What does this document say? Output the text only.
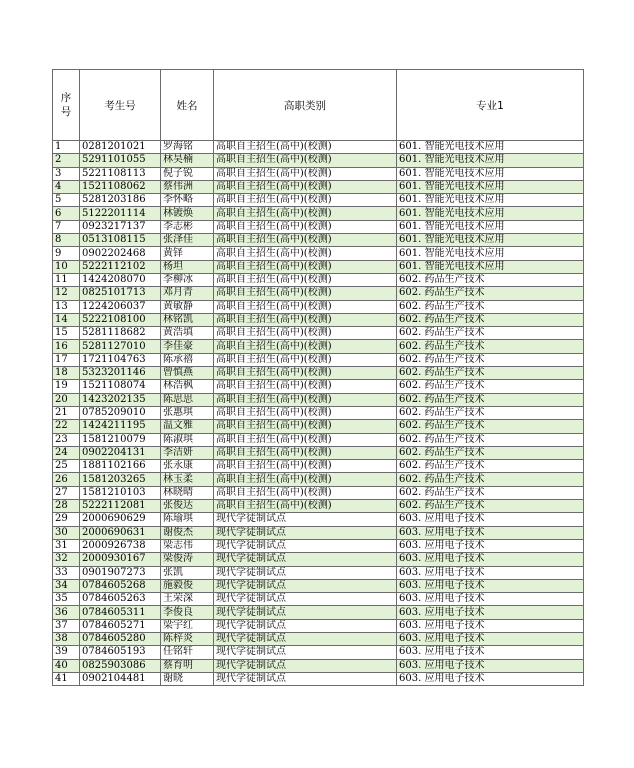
序
号	考生号	姓名	高职类别	专业1
1	0281201021	罗海铭	高职自主招生(高中)(校测)	601. 智能光电技术应用
2	5291101055	林昊楠	高职自主招生(高中)(校测)	601. 智能光电技术应用
3	5221108113	倪子锐	高职自主招生(高中)(校测)	601. 智能光电技术应用
4	1521108062	蔡伟洲	高职自主招生(高中)(校测)	601. 智能光电技术应用
5	5281203186	李怀略	高职自主招生(高中)(校测)	601. 智能光电技术应用
6	5122201114	林镀焕	高职自主招生(高中)(校测)	601. 智能光电技术应用
7	0923217137	李志彬	高职自主招生(高中)(校测)	601. 智能光电技术应用
8	0513108115	张泽佳	高职自主招生(高中)(校测)	601. 智能光电技术应用
9	0902202468	黄铎	高职自主招生(高中)(校测)	601. 智能光电技术应用
10	5222112102	杨坦	高职自主招生(高中)(校测)	601. 智能光电技术应用
11	1424208070	李柳冰	高职自主招生(高中)(校测)	602. 药品生产技术
12	0825101713	邓月青	高职自主招生(高中)(校测)	602. 药品生产技术
13	1224206037	黄敏静	高职自主招生(高中)(校测)	602. 药品生产技术
14	5222108100	林铭凯	高职自主招生(高中)(校测)	602. 药品生产技术
15	5281118682	黄浩填	高职自主招生(高中)(校测)	602. 药品生产技术
16	5281127010	李佳豪	高职自主招生(高中)(校测)	602. 药品生产技术
17	1721104763	陈承禧	高职自主招生(高中)(校测)	602. 药品生产技术
18	5323201146	曾慎燕	高职自主招生(高中)(校测)	602. 药品生产技术
19	1521108074	林浩枫	高职自主招生(高中)(校测)	602. 药品生产技术
20	1423202135	陈思思	高职自主招生(高中)(校测)	602. 药品生产技术
21	0785209010	张惠琪	高职自主招生(高中)(校测)	602. 药品生产技术
22	1424211195	温文雅	高职自主招生(高中)(校测)	602. 药品生产技术
23	1581210079	陈淑琪	高职自主招生(高中)(校测)	602. 药品生产技术
24	0902204131	李洁妍	高职自主招生(高中)(校测)	602. 药品生产技术
25	1881102166	张永康	高职自主招生(高中)(校测)	602. 药品生产技术
26	1581203265	林玉柔	高职自主招生(高中)(校测)	602. 药品生产技术
27	1581210103	林晓晴	高职自主招生(高中)(校测)	602. 药品生产技术
28	5222112081	张俊达	高职自主招生(高中)(校测)	602. 药品生产技术
29	2000690629	陈瑜琪	现代学徒制试点	603. 应用电子技术
30	2000690631	谢俊杰	现代学徒制试点	603. 应用电子技术
31	2000926738	梁志伟	现代学徒制试点	603. 应用电子技术
32	2000930167	梁俊涛	现代学徒制试点	603. 应用电子技术
33	0901907273	张凯	现代学徒制试点	603. 应用电子技术
34	0784605268	施毅俊	现代学徒制试点	603. 应用电子技术
35	0784605263	王荣深	现代学徒制试点	603. 应用电子技术
36	0784605311	李俊良	现代学徒制试点	603. 应用电子技术
37	0784605271	梁宇红	现代学徒制试点	603. 应用电子技术
38	0784605280	陈梓炎	现代学徒制试点	603. 应用电子技术
39	0784605193	任铭轩	现代学徒制试点	603. 应用电子技术
40	0825903086	蔡育明	现代学徒制试点	603. 应用电子技术
41	0902104481	谢晓	现代学徒制试点	603. 应用电子技术
